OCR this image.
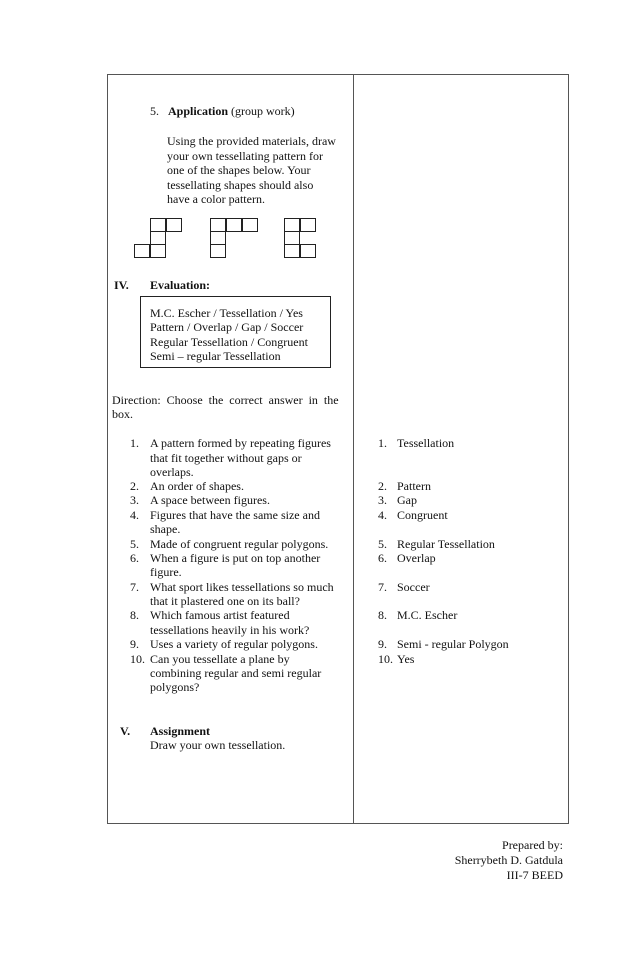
5. Application (group work)
Using the provided materials, draw
your own tessellating pattern for
one of the shapes below. Your
tessellating shapes should also
have a color pattern.
IV. Evaluation:
M.C. Escher / Tessellation / Yes
Pattern / Overlap / Gap / Soccer
Regular Tessellation / Congruent
Semi – regular Tessellation
Direction:  Choose  the  correct  answer  in  the
box.
1. A pattern formed by repeating figures
that fit together without gaps or
overlaps.
2. An order of shapes.
3. A space between figures.
4. Figures that have the same size and
shape.
5. Made of congruent regular polygons.
6. When a figure is put on top another
figure.
7. What sport likes tessellations so much
that it plastered one on its ball?
8. Which famous artist featured
tessellations heavily in his work?
9. Uses a variety of regular polygons.
10. Can you tessellate a plane by
combining regular and semi regular
polygons?
1. Tessellation
2. Pattern
3. Gap
4. Congruent
5. Regular Tessellation
6. Overlap
7. Soccer
8. M.C. Escher
9. Semi - regular Polygon
10. Yes
V. Assignment
Draw your own tessellation.
Prepared by:
Sherrybeth D. Gatdula
III-7 BEED
